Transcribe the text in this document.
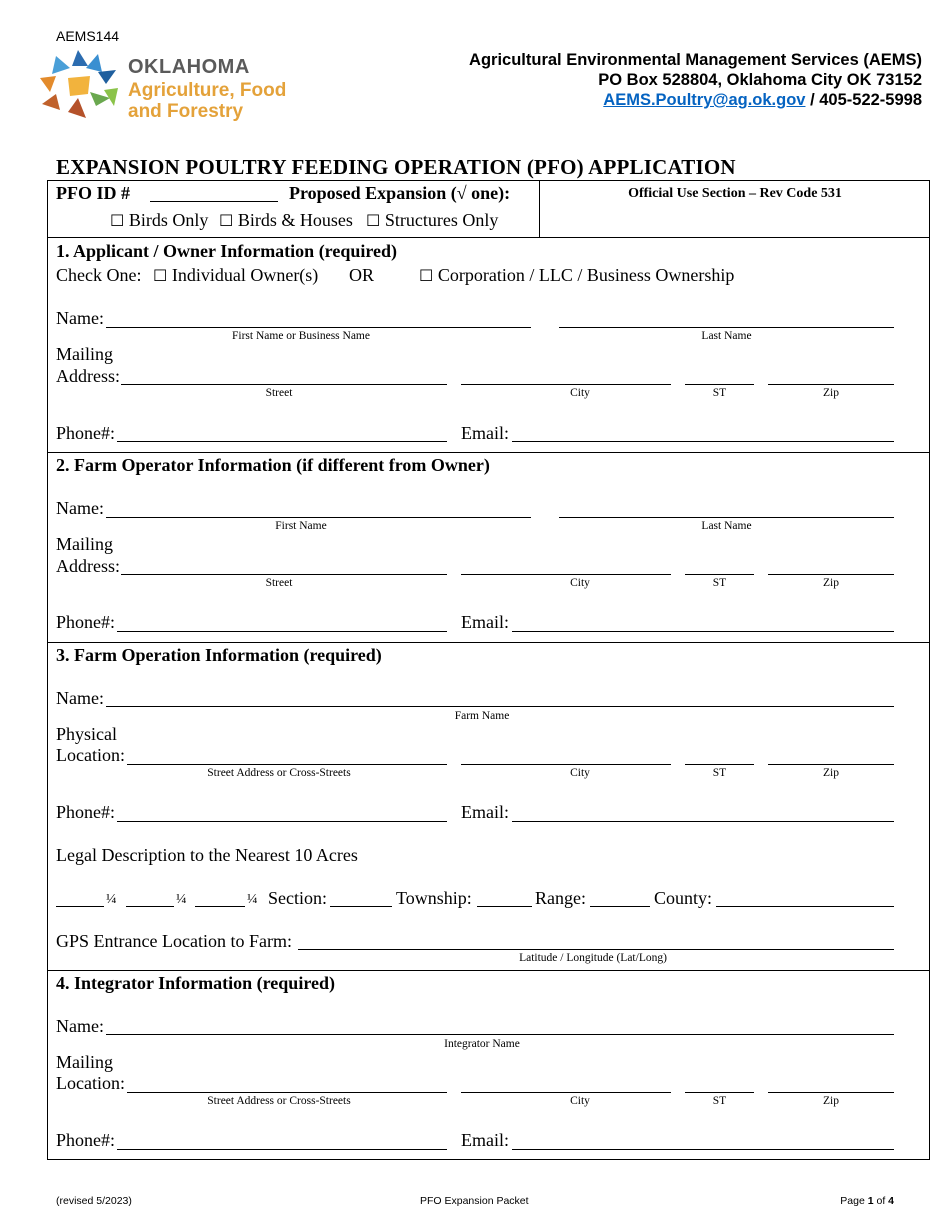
AEMS144
OKLAHOMA
Agriculture, Food
and Forestry
Agricultural Environmental Management Services (AEMS)
PO Box 528804, Oklahoma City OK 73152
AEMS.Poultry@ag.ok.gov / 405-522-5998
EXPANSION POULTRY FEEDING OPERATION (PFO) APPLICATION
PFO ID #	Proposed Expansion (√ one):	Official Use Section – Rev Code 531
☐ Birds Only ☐ Birds & Houses ☐ Structures Only
1. Applicant / Owner Information (required)
Check One: ☐ Individual Owner(s) OR	☐ Corporation / LLC / Business Ownership
Name:
First Name or Business Name	Last Name
Mailing
Address:
Street	City	ST	Zip
Phone#:	Email:
2. Farm Operator Information (if different from Owner)
Name:
First Name	Last Name
Mailing
Address:
Street	City	ST	Zip
Phone#:	Email:
3. Farm Operation Information (required)
Name:
Farm Name
Physical
Location:
Street Address or Cross-Streets	City	ST	Zip
Phone#:	Email:
Legal Description to the Nearest 10 Acres
¼	¼	¼ Section:	Township:	Range:	County:
GPS Entrance Location to Farm:
Latitude / Longitude (Lat/Long)
4. Integrator Information (required)
Name:
Integrator Name
Mailing
Location:
Street Address or Cross-Streets	City	ST	Zip
Phone#:	Email:
(revised 5/2023)	PFO Expansion Packet	Page 1 of 4
